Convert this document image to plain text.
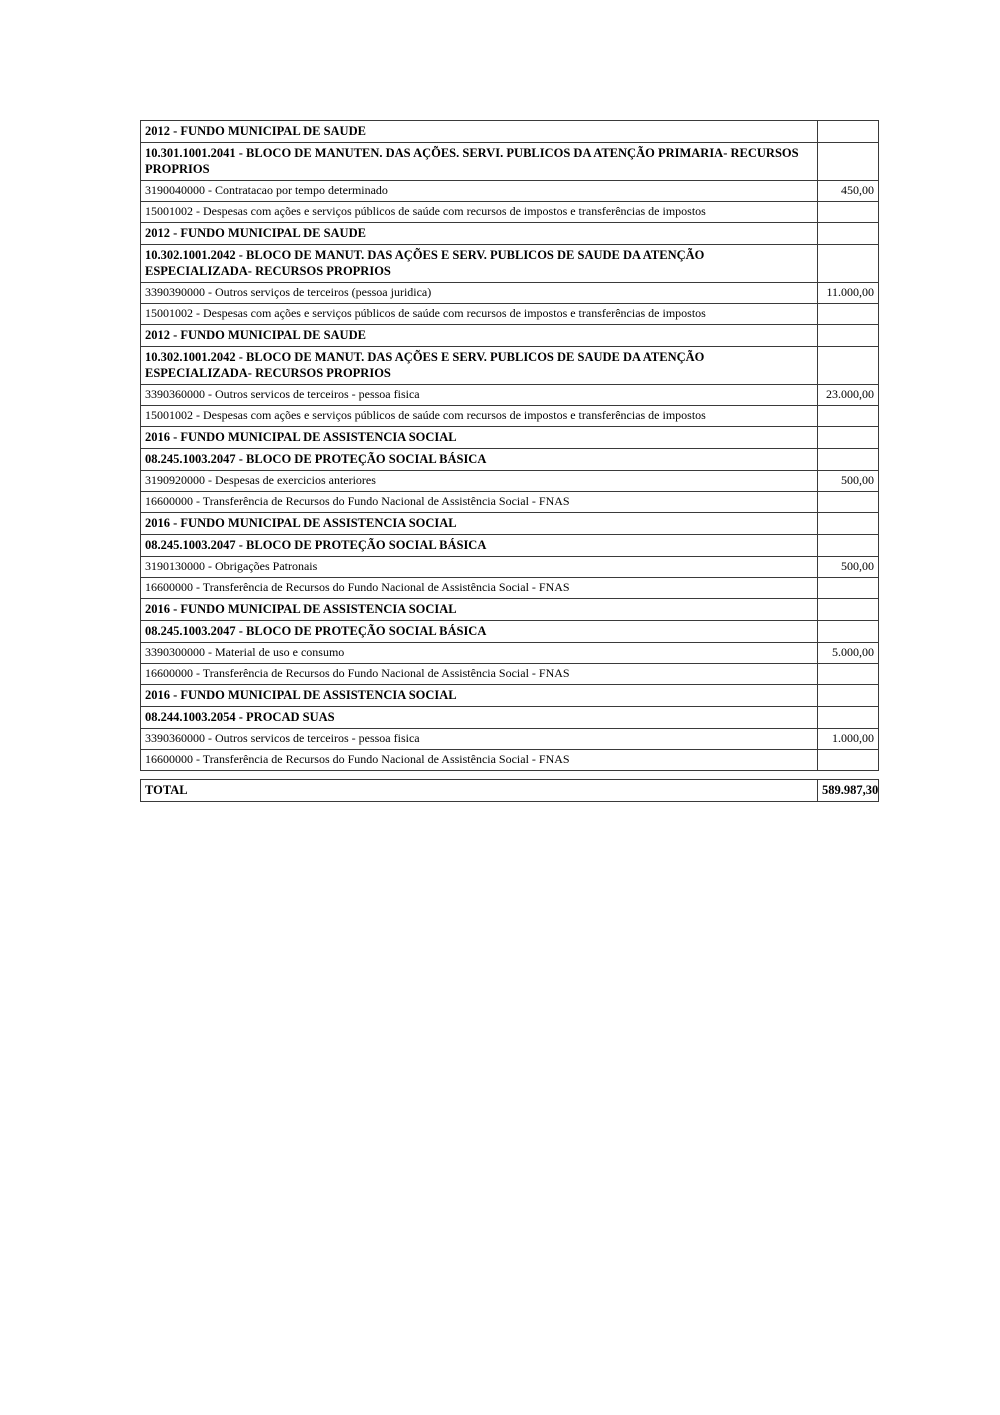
2012 - FUNDO MUNICIPAL DE SAUDE
10.301.1001.2041 - BLOCO DE MANUTEN. DAS AÇÕES. SERVI. PUBLICOS DA ATENÇÃO PRIMARIA- RECURSOS PROPRIOS
3190040000 - Contratacao por tempo determinado	450,00
15001002 - Despesas com ações e serviços públicos de saúde com recursos de impostos e transferências de impostos
2012 - FUNDO MUNICIPAL DE SAUDE
10.302.1001.2042 - BLOCO DE MANUT. DAS AÇÕES E SERV. PUBLICOS DE SAUDE DA ATENÇÃO ESPECIALIZADA- RECURSOS PROPRIOS
3390390000 - Outros serviços de terceiros (pessoa juridica)	11.000,00
15001002 - Despesas com ações e serviços públicos de saúde com recursos de impostos e transferências de impostos
2012 - FUNDO MUNICIPAL DE SAUDE
10.302.1001.2042 - BLOCO DE MANUT. DAS AÇÕES E SERV. PUBLICOS DE SAUDE DA ATENÇÃO ESPECIALIZADA- RECURSOS PROPRIOS
3390360000 - Outros servicos de terceiros - pessoa fisica	23.000,00
15001002 - Despesas com ações e serviços públicos de saúde com recursos de impostos e transferências de impostos
2016 - FUNDO MUNICIPAL DE ASSISTENCIA SOCIAL
08.245.1003.2047 - BLOCO DE PROTEÇÃO SOCIAL BÁSICA
3190920000 - Despesas de exercicios anteriores	500,00
16600000 - Transferência de Recursos do Fundo Nacional de Assistência Social - FNAS
2016 - FUNDO MUNICIPAL DE ASSISTENCIA SOCIAL
08.245.1003.2047 - BLOCO DE PROTEÇÃO SOCIAL BÁSICA
3190130000 - Obrigações Patronais	500,00
16600000 - Transferência de Recursos do Fundo Nacional de Assistência Social - FNAS
2016 - FUNDO MUNICIPAL DE ASSISTENCIA SOCIAL
08.245.1003.2047 - BLOCO DE PROTEÇÃO SOCIAL BÁSICA
3390300000 - Material de uso e consumo	5.000,00
16600000 - Transferência de Recursos do Fundo Nacional de Assistência Social - FNAS
2016 - FUNDO MUNICIPAL DE ASSISTENCIA SOCIAL
08.244.1003.2054 - PROCAD SUAS
3390360000 - Outros servicos de terceiros - pessoa fisica	1.000,00
16600000 - Transferência de Recursos do Fundo Nacional de Assistência Social - FNAS
TOTAL	589.987,30
